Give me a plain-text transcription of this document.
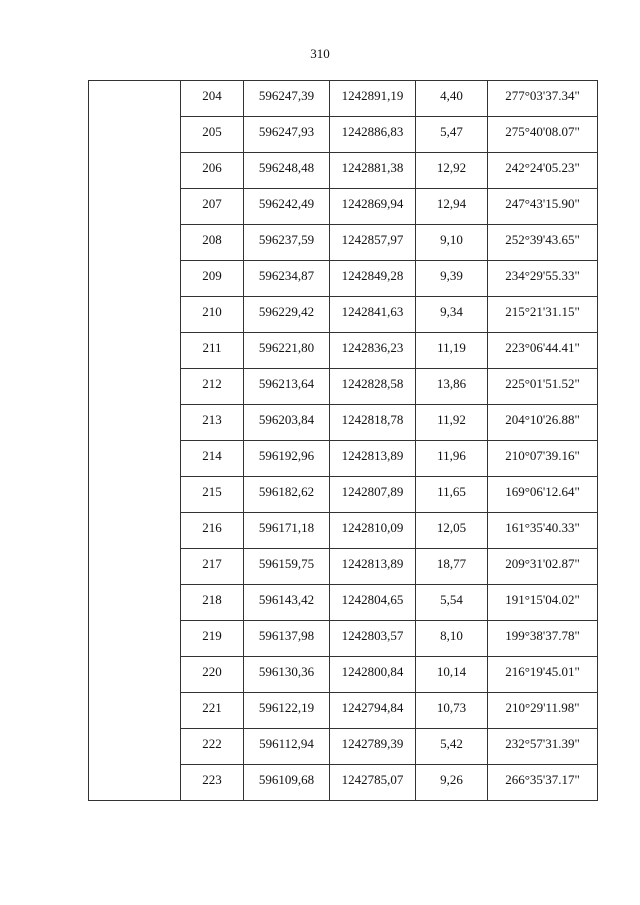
310
	204	596247,39	1242891,19	4,40	277°03'37.34"
	205	596247,93	1242886,83	5,47	275°40'08.07"
	206	596248,48	1242881,38	12,92	242°24'05.23"
	207	596242,49	1242869,94	12,94	247°43'15.90"
	208	596237,59	1242857,97	9,10	252°39'43.65"
	209	596234,87	1242849,28	9,39	234°29'55.33"
	210	596229,42	1242841,63	9,34	215°21'31.15"
	211	596221,80	1242836,23	11,19	223°06'44.41"
	212	596213,64	1242828,58	13,86	225°01'51.52"
	213	596203,84	1242818,78	11,92	204°10'26.88"
	214	596192,96	1242813,89	11,96	210°07'39.16"
	215	596182,62	1242807,89	11,65	169°06'12.64"
	216	596171,18	1242810,09	12,05	161°35'40.33"
	217	596159,75	1242813,89	18,77	209°31'02.87"
	218	596143,42	1242804,65	5,54	191°15'04.02"
	219	596137,98	1242803,57	8,10	199°38'37.78"
	220	596130,36	1242800,84	10,14	216°19'45.01"
	221	596122,19	1242794,84	10,73	210°29'11.98"
	222	596112,94	1242789,39	5,42	232°57'31.39"
	223	596109,68	1242785,07	9,26	266°35'37.17"
